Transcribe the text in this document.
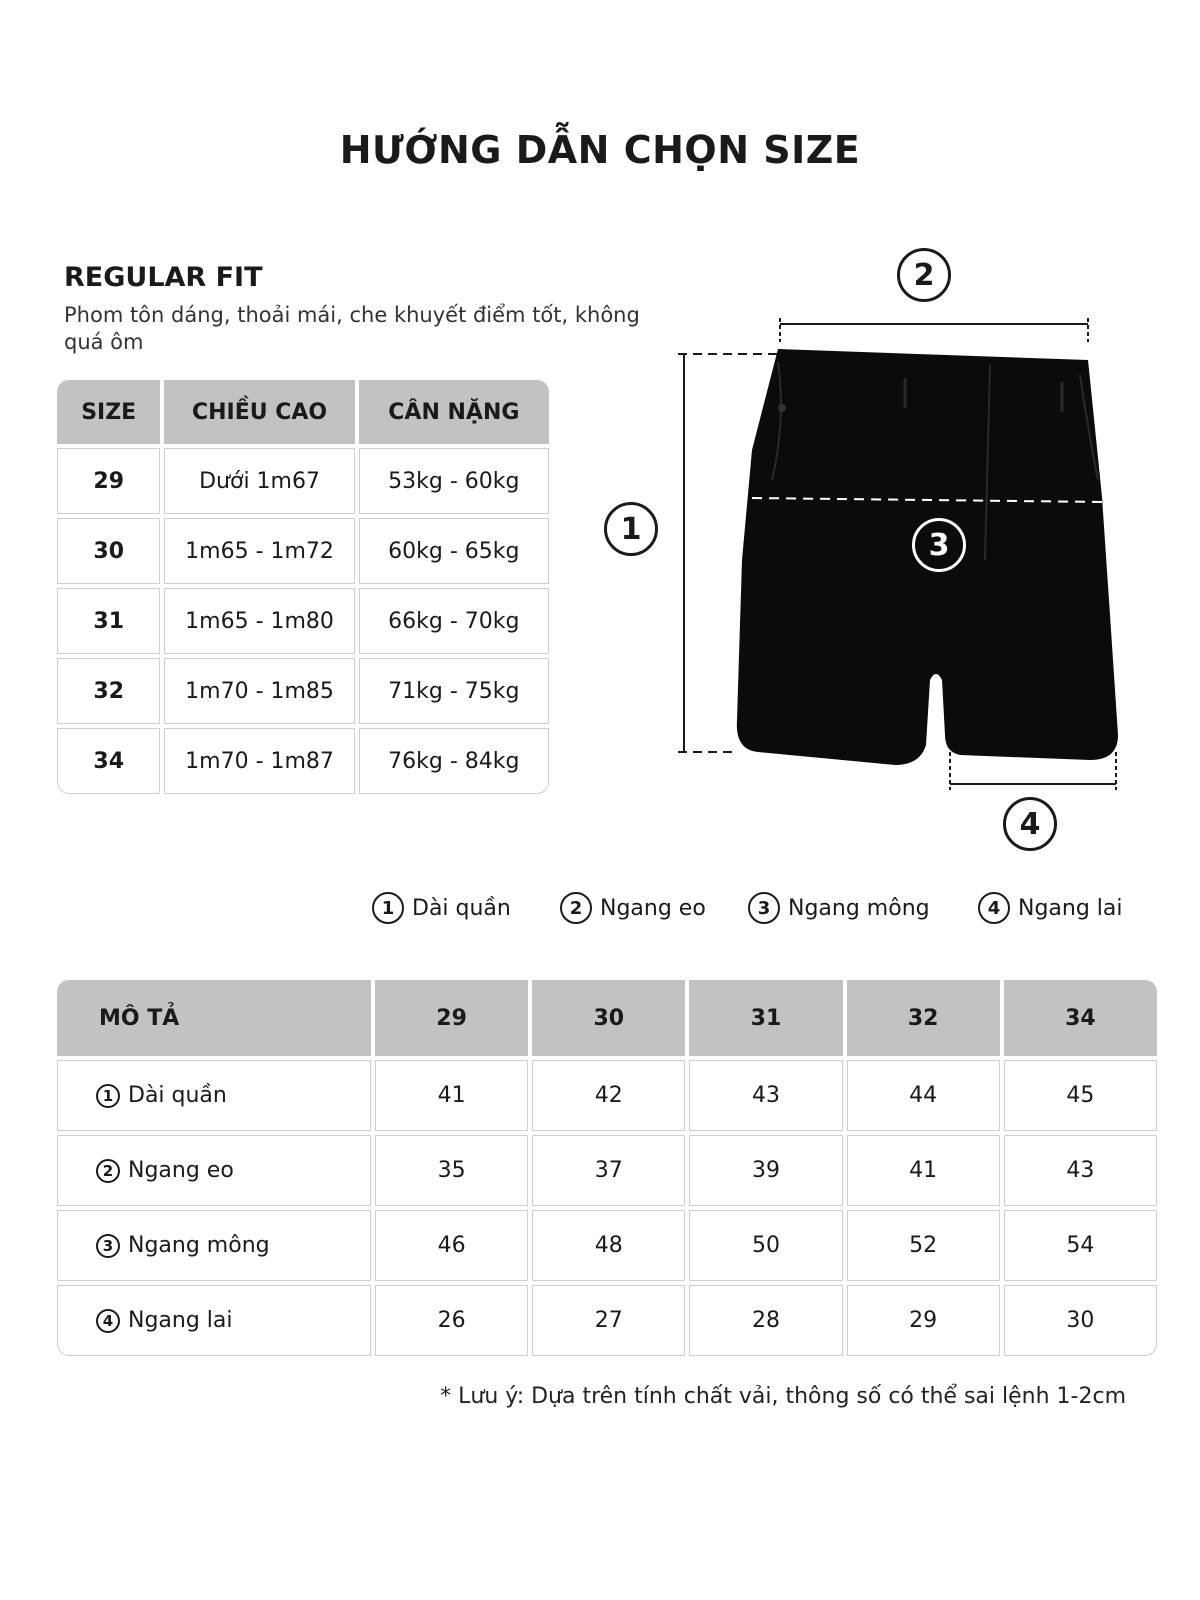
HƯỚNG DẪN CHỌN SIZE
REGULAR FIT

Phom tôn dáng, thoải mái, che khuyết điểm tốt, không quá ôm

SIZE	CHIỀU CAO	CÂN NẶNG
29	Dưới 1m67	53kg - 60kg
30	1m65 - 1m72	60kg - 65kg
31	1m65 - 1m80	66kg - 70kg
32	1m70 - 1m85	71kg - 75kg
34	1m70 - 1m87	76kg - 84kg
2
1	3
4
1 Dài quần	2 Ngang eo	3 Ngang mông	4 Ngang lai
MÔ TẢ	29	30	31	32	34
1 Dài quần	41	42	43	44	45
2 Ngang eo	35	37	39	41	43
3 Ngang mông	46	48	50	52	54
4 Ngang lai	26	27	28	29	30

* Lưu ý: Dựa trên tính chất vải, thông số có thể sai lệnh 1-2cm
